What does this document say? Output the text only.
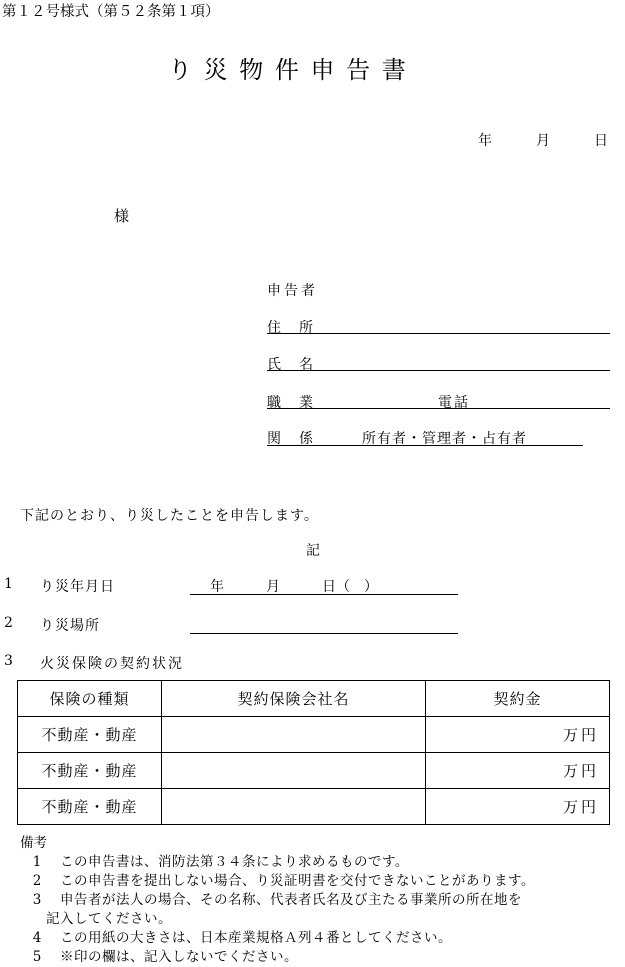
第１２号様式（第５２条第１項）
り 災 物 件 申 告 書
年	月	日
様
申告者
住　所
氏　名
職　業	電話
関　係	所有者・管理者・占有者
下記のとおり、り災したことを申告します。
記
1 り災年月日	年　　　月　　　日（　）
2 り災場所
3 火災保険の契約状況
保険の種類	契約保険会社名	契約金
不動産・動産		万円
不動産・動産		万円
不動産・動産		万円
備考
1 この申告書は、消防法第３４条により求めるものです。
2 この申告書を提出しない場合、り災証明書を交付できないことがあります。
3 申告者が法人の場合、その名称、代表者氏名及び主たる事業所の所在地を
記入してください。
4 この用紙の大きさは、日本産業規格Ａ列４番としてください。
5 ※印の欄は、記入しないでください。
